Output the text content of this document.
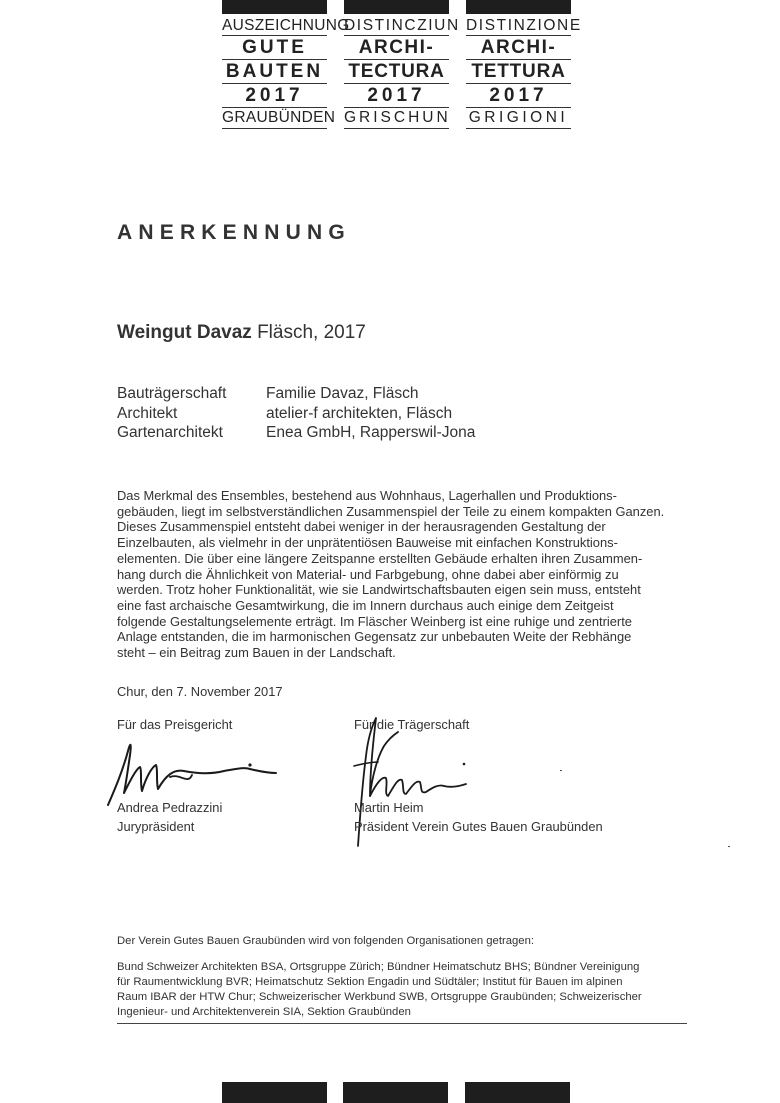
AUSZEICHNUNG
GUTE
BAUTEN
2017
GRAUBÜNDEN
DISTINCZIUN
ARCHI-
TECTURA
2017
GRISCHUN
DISTINZIONE
ARCHI-
TETTURA
2017
GRIGIONI
ANERKENNUNG
Weingut Davaz Fläsch, 2017
Bauträgerschaft	Familie Davaz, Fläsch
Architekt	atelier-f architekten, Fläsch
Gartenarchitekt	Enea GmbH, Rapperswil-Jona

Das Merkmal des Ensembles, bestehend aus Wohnhaus, Lagerhallen und Produktions-

gebäuden, liegt im selbstverständlichen Zusammenspiel der Teile zu einem kompakten Ganzen.

Dieses Zusammenspiel entsteht dabei weniger in der herausragenden Gestaltung der

Einzelbauten, als vielmehr in der unprätentiösen Bauweise mit einfachen Konstruktions-

elementen. Die über eine längere Zeitspanne erstellten Gebäude erhalten ihren Zusammen-

hang durch die Ähnlichkeit von Material- und Farbgebung, ohne dabei aber einförmig zu

werden. Trotz hoher Funktionalität, wie sie Landwirtschaftsbauten eigen sein muss, entsteht

eine fast archaische Gesamtwirkung, die im Innern durchaus auch einige dem Zeitgeist

folgende Gestaltungselemente erträgt. Im Fläscher Weinberg ist eine ruhige und zentrierte

Anlage entstanden, die im harmonischen Gegensatz zur unbebauten Weite der Rebhänge

steht – ein Beitrag zum Bauen in der Landschaft.

Chur, den 7. November 2017
Für das Preisgericht
Andrea Pedrazzini
Jurypräsident
Für die Trägerschaft
Martin Heim
Präsident Verein Gutes Bauen Graubünden
Der Verein Gutes Bauen Graubünden wird von folgenden Organisationen getragen:
Bund Schweizer Architekten BSA, Ortsgruppe Zürich; Bündner Heimatschutz BHS; Bündner Vereinigung
für Raumentwicklung BVR; Heimatschutz Sektion Engadin und Südtäler; Institut für Bauen im alpinen
Raum IBAR der HTW Chur; Schweizerischer Werkbund SWB, Ortsgruppe Graubünden; Schweizerischer
Ingenieur- und Architektenverein SIA, Sektion Graubünden
